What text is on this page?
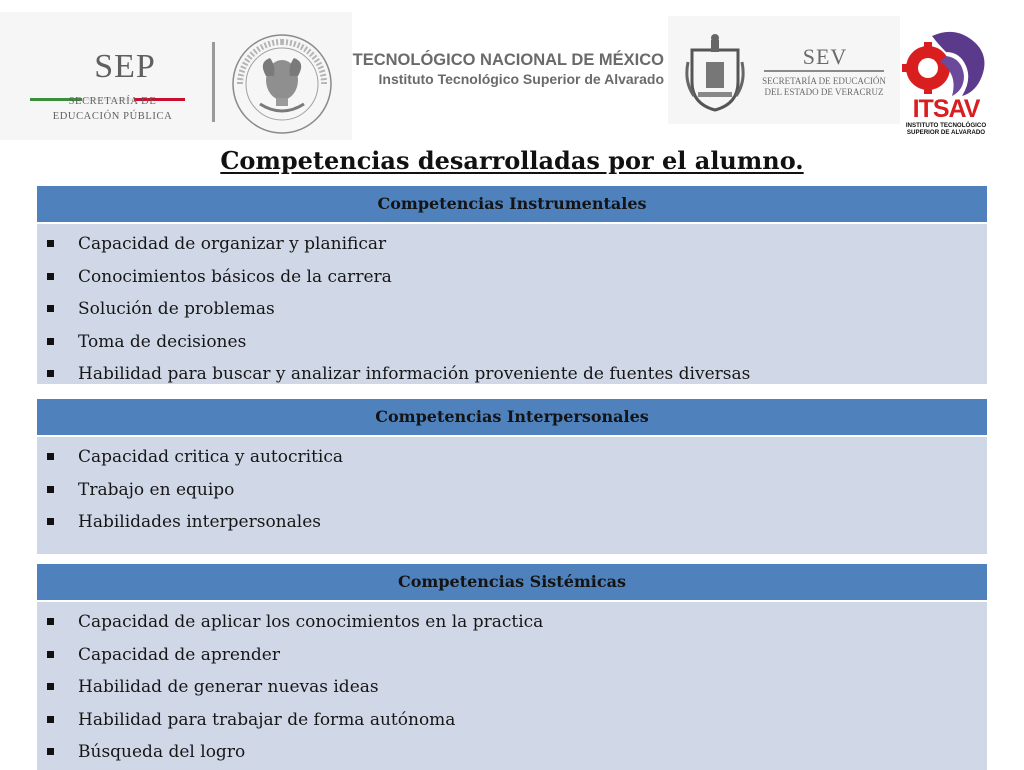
SEP
SECRETARÍA DE
EDUCACIÓN PÚBLICA
TECNOLÓGICO NACIONAL DE MÉXICO
Instituto Tecnológico Superior de Alvarado
SEV
SECRETARÍA DE EDUCACIÓN
DEL ESTADO DE VERACRUZ
ITSAV
INSTITUTO TECNOLÓGICO
SUPERIOR DE ALVARADO
Competencias desarrolladas por el alumno.
Competencias Instrumentales
Capacidad de organizar y planificar
Conocimientos básicos de la carrera
Solución de problemas
Toma de decisiones
Habilidad para buscar y analizar información proveniente de fuentes diversas
Competencias Interpersonales
Capacidad critica y autocritica
Trabajo en equipo
Habilidades interpersonales
Competencias Sistémicas
Capacidad de aplicar los conocimientos en la practica
Capacidad de aprender
Habilidad de generar nuevas ideas
Habilidad para trabajar de forma autónoma
Búsqueda del logro
